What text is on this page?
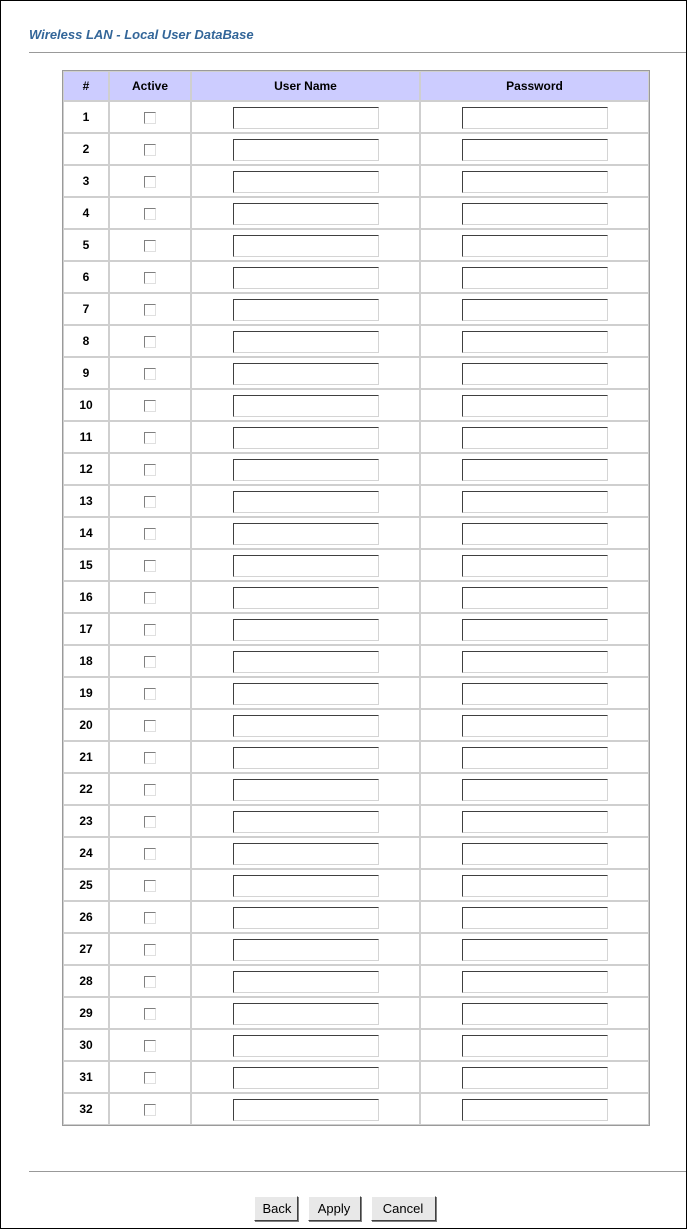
Wireless LAN - Local User DataBase
#	Active	User Name	Password
1			
2			
3			
4			
5			
6			
7			
8			
9			
10			
11			
12			
13			
14			
15			
16			
17			
18			
19			
20			
21			
22			
23			
24			
25			
26			
27			
28			
29			
30			
31			
32			
Back Apply	Cancel
